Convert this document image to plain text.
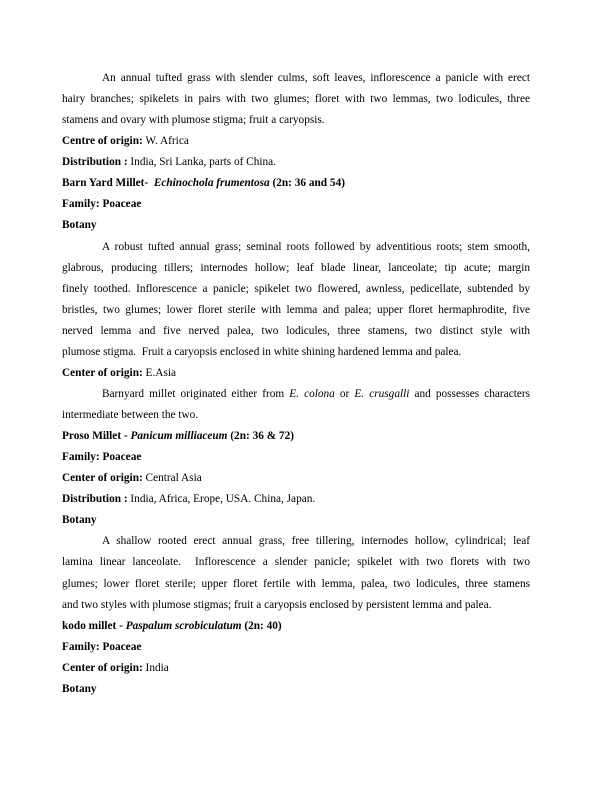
An annual tufted grass with slender culms, soft leaves, inflorescence a panicle with erect
hairy branches; spikelets in pairs with two glumes; floret with two lemmas, two lodicules, three
stamens and ovary with plumose stigma; fruit a caryopsis.
Centre of origin: W. Africa
Distribution : India, Sri Lanka, parts of China.
Barn Yard Millet-  Echinochola frumentosa (2n: 36 and 54)
Family: Poaceae
Botany
A robust tufted annual grass; seminal roots followed by adventitious roots; stem smooth,
glabrous, producing tillers; internodes hollow; leaf blade linear, lanceolate; tip acute; margin
finely toothed. Inflorescence a panicle; spikelet two flowered, awnless, pedicellate, subtended by
bristles, two glumes; lower floret sterile with lemma and palea; upper floret hermaphrodite, five
nerved lemma and five nerved palea, two lodicules, three stamens, two distinct style with
plumose stigma.  Fruit a caryopsis enclosed in white shining hardened lemma and palea.
Center of origin: E.Asia
Barnyard millet originated either from E. colona or E. crusgalli and possesses characters
intermediate between the two.
Proso Millet - Panicum milliaceum (2n: 36 & 72)
Family: Poaceae
Center of origin: Central Asia
Distribution : India, Africa, Erope, USA. China, Japan.
Botany
A shallow rooted erect annual grass, free tillering, internodes hollow, cylindrical; leaf
lamina linear lanceolate.  Inflorescence a slender panicle; spikelet with two florets with two
glumes; lower floret sterile; upper floret fertile with lemma, palea, two lodicules, three stamens
and two styles with plumose stigmas; fruit a caryopsis enclosed by persistent lemma and palea.
kodo millet - Paspalum scrobiculatum (2n: 40)
Family: Poaceae
Center of origin: India
Botany
